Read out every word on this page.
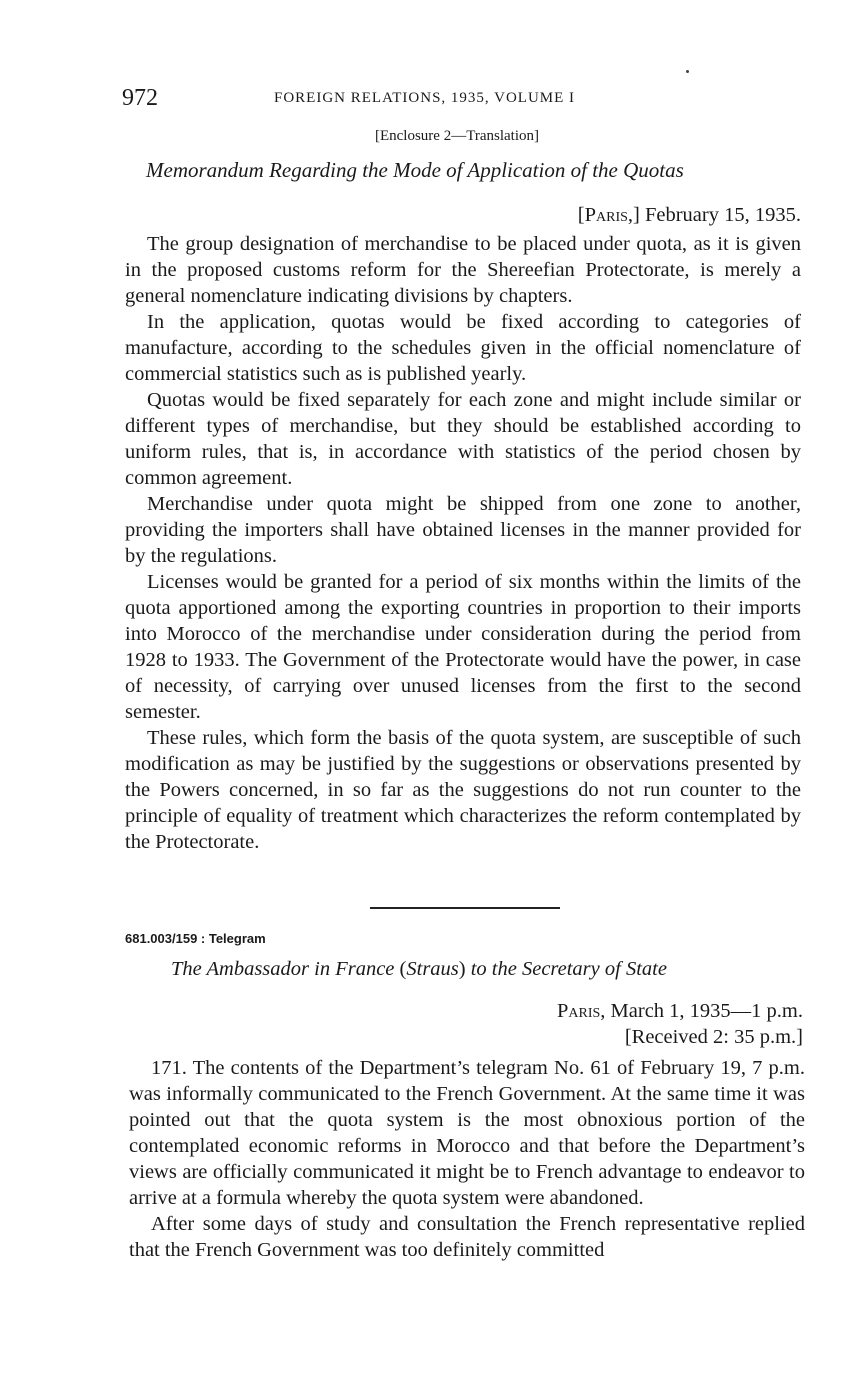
972	FOREIGN RELATIONS, 1935, VOLUME I
[Enclosure 2—Translation]
Memorandum Regarding the Mode of Application of the Quotas
[Paris,] February 15, 1935.

The group designation of merchandise to be placed under quota, as it is given in the proposed customs reform for the Shereefian Protectorate, is merely a general nomenclature indicating divisions by chapters.

In the application, quotas would be fixed according to categories of manufacture, according to the schedules given in the official nomenclature of commercial statistics such as is published yearly.

Quotas would be fixed separately for each zone and might include similar or different types of merchandise, but they should be established according to uniform rules, that is, in accordance with statistics of the period chosen by common agreement.

Merchandise under quota might be shipped from one zone to another, providing the importers shall have obtained licenses in the manner provided for by the regulations.

Licenses would be granted for a period of six months within the limits of the quota apportioned among the exporting countries in proportion to their imports into Morocco of the merchandise under consideration during the period from 1928 to 1933. The Government of the Protectorate would have the power, in case of necessity, of carrying over unused licenses from the first to the second semester.

These rules, which form the basis of the quota system, are susceptible of such modification as may be justified by the suggestions or observations presented by the Powers concerned, in so far as the suggestions do not run counter to the principle of equality of treatment which characterizes the reform contemplated by the Protectorate.

681.003/159 : Telegram
The Ambassador in France (Straus) to the Secretary of State
Paris, March 1, 1935—1 p.m.
[Received 2: 35 p.m.]

171. The contents of the Department’s telegram No. 61 of February 19, 7 p.m. was informally communicated to the French Government. At the same time it was pointed out that the quota system is the most obnoxious portion of the contemplated economic reforms in Morocco and that before the Department’s views are officially communicated it might be to French advantage to endeavor to arrive at a formula whereby the quota system were abandoned.

After some days of study and consultation the French representative replied that the French Government was too definitely committed
